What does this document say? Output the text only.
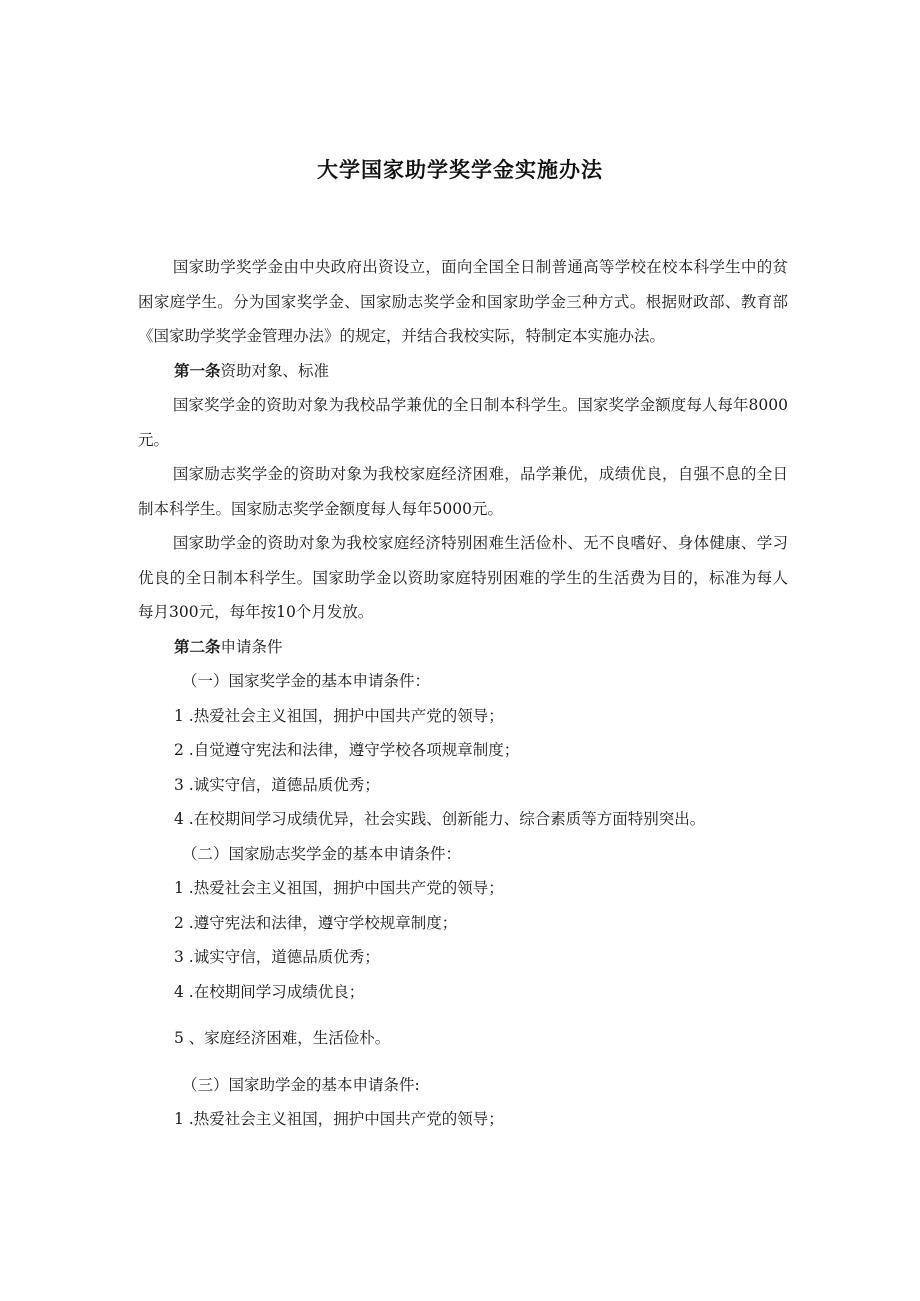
大学国家助学奖学金实施办法

国家助学奖学金由中央政府出资设立，面向全国全日制普通高等学校在校本科学生中的贫困家庭学生。分为国家奖学金、国家励志奖学金和国家助学金三种方式。根据财政部、教育部《国家助学奖学金管理办法》的规定，并结合我校实际，特制定本实施办法。

第一条资助对象、标准

国家奖学金的资助对象为我校品学兼优的全日制本科学生。国家奖学金额度每人每年8000元。

国家励志奖学金的资助对象为我校家庭经济困难，品学兼优，成绩优良，自强不息的全日制本科学生。国家励志奖学金额度每人每年5000元。

国家助学金的资助对象为我校家庭经济特别困难生活俭朴、无不良嗜好、身体健康、学习优良的全日制本科学生。国家助学金以资助家庭特别困难的学生的生活费为目的，标准为每人每月300元，每年按10个月发放。

第二条申请条件

（一）国家奖学金的基本申请条件：

1 .热爱社会主义祖国，拥护中国共产党的领导；

2 .自觉遵守宪法和法律，遵守学校各项规章制度；

3 .诚实守信，道德品质优秀；

4 .在校期间学习成绩优异，社会实践、创新能力、综合素质等方面特别突出。

（二）国家励志奖学金的基本申请条件：

1 .热爱社会主义祖国，拥护中国共产党的领导；

2 .遵守宪法和法律，遵守学校规章制度；

3 .诚实守信，道德品质优秀；

4 .在校期间学习成绩优良；

5 、家庭经济困难，生活俭朴。

（三）国家助学金的基本申请条件:

1 .热爱社会主义祖国，拥护中国共产党的领导；
